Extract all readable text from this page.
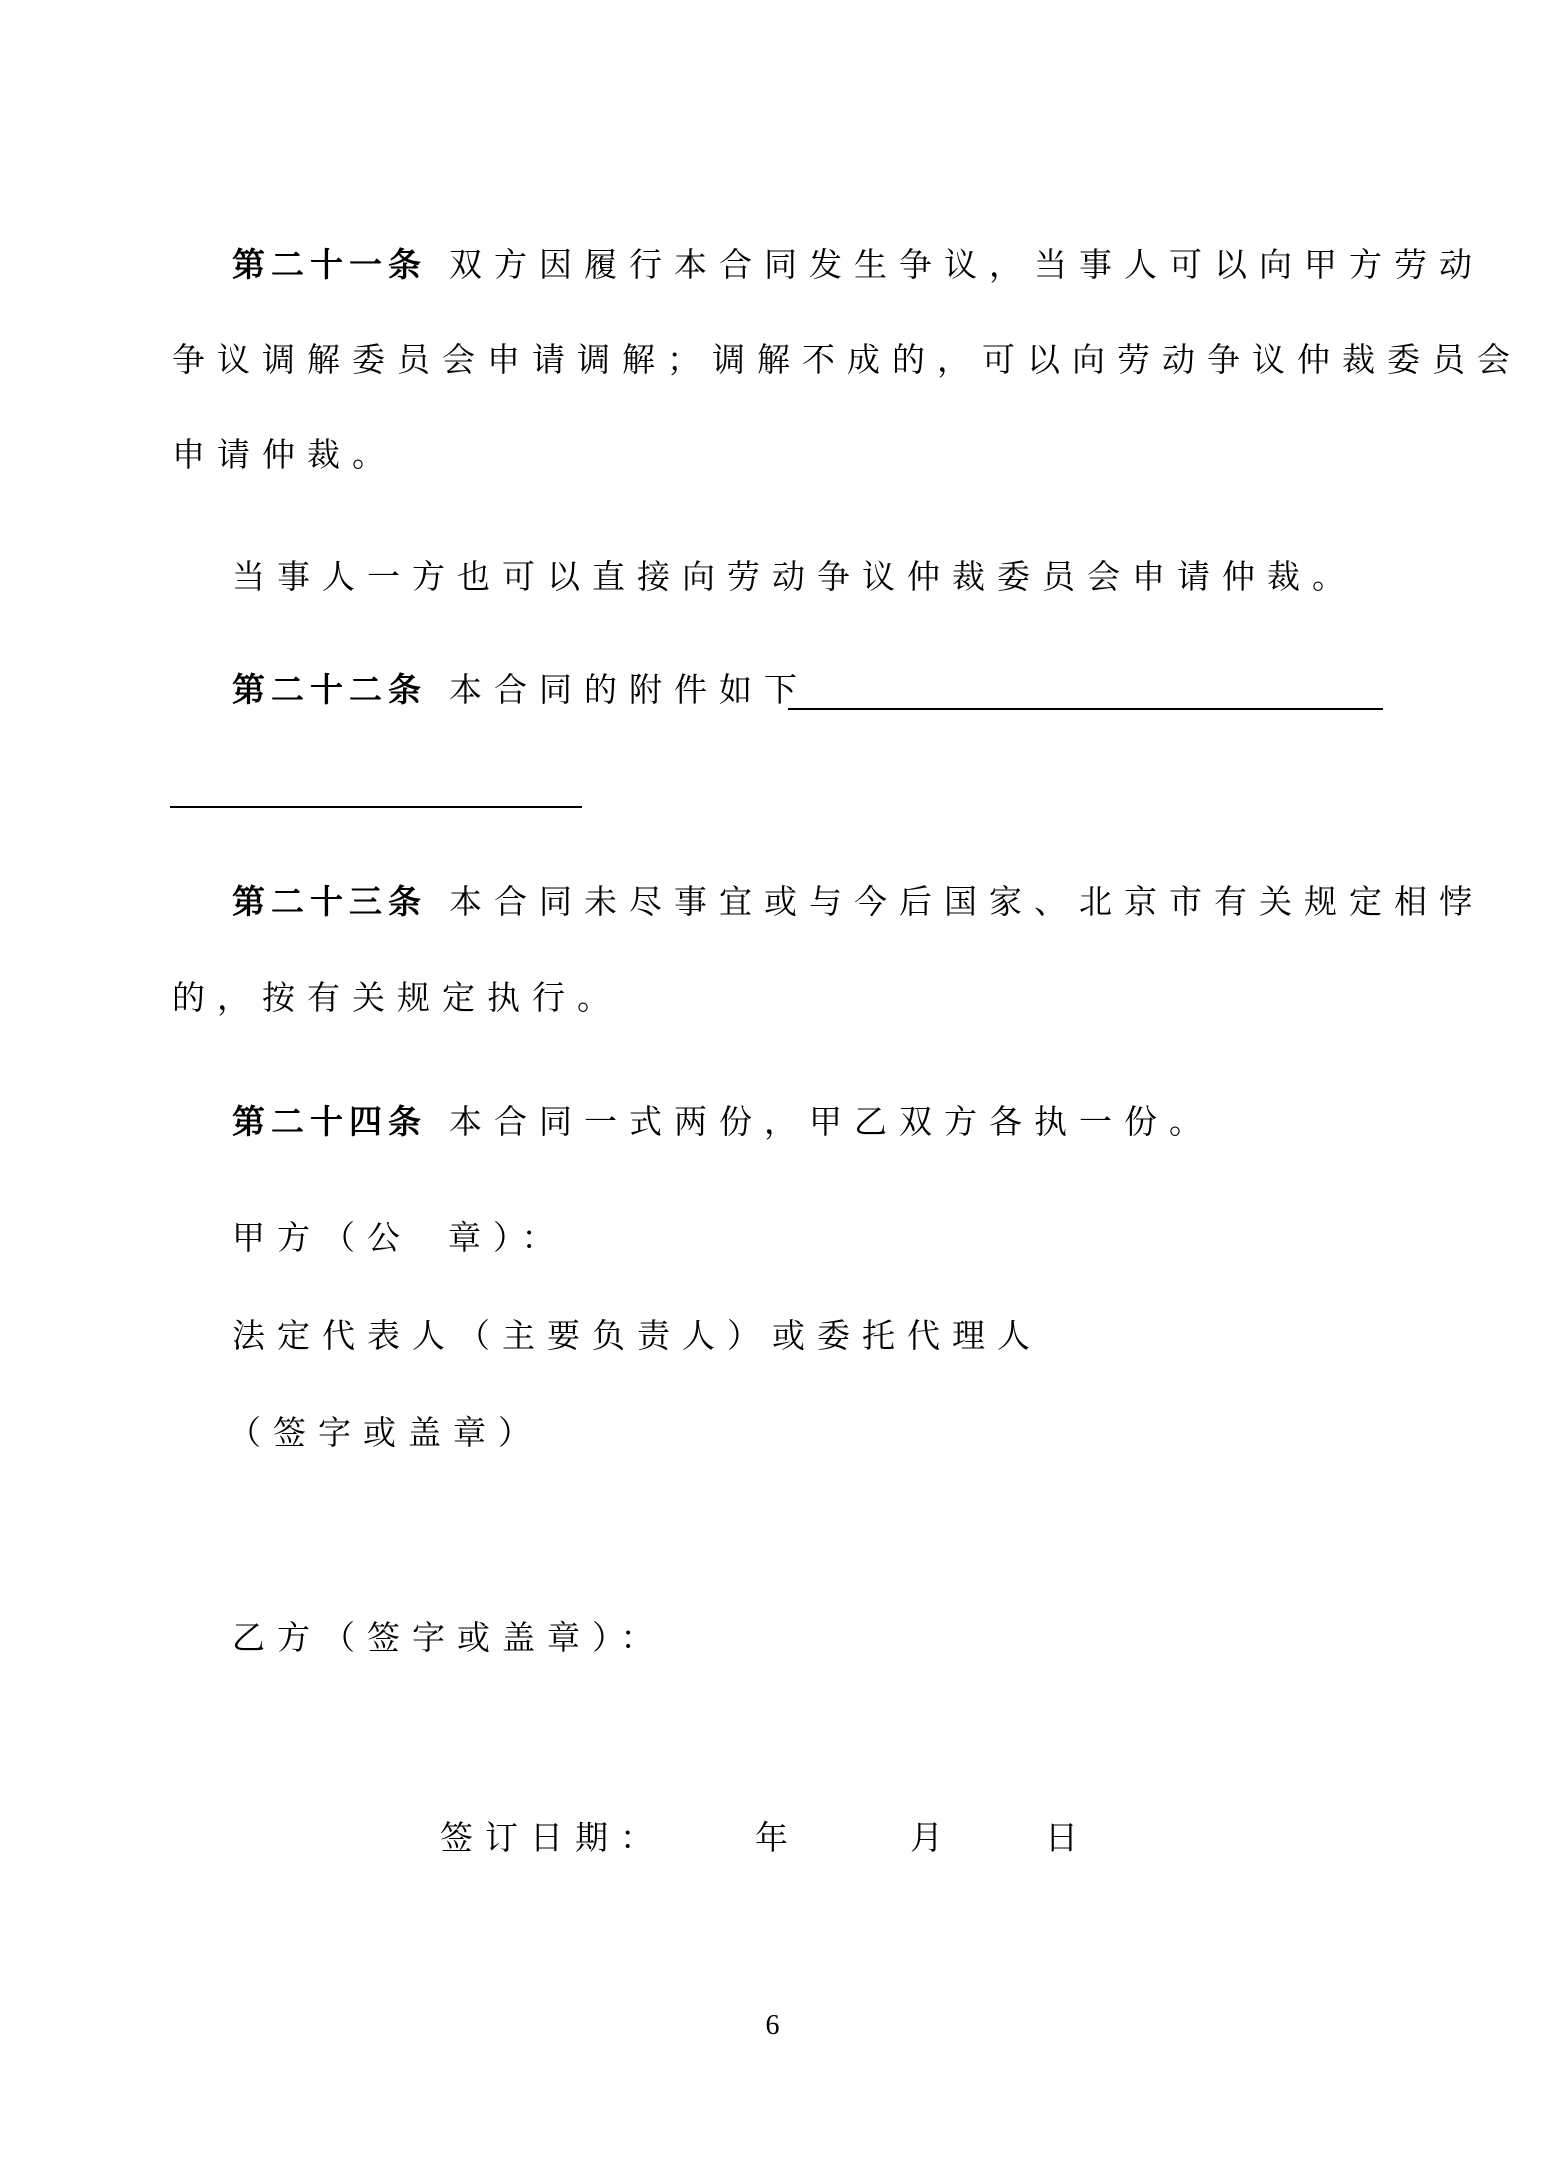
第二十一条 双方因履行本合同发生争议，当事人可以向甲方劳动
争议调解委员会申请调解；调解不成的，可以向劳动争议仲裁委员会
申请仲裁。
当事人一方也可以直接向劳动争议仲裁委员会申请仲裁。
第二十二条 本合同的附件如下
第二十三条 本合同未尽事宜或与今后国家、北京市有关规定相悖
的，按有关规定执行。
第二十四条 本合同一式两份，甲乙双方各执一份。
甲方（公 章）：
法定代表人（主要负责人）或委托代理人
（签字或盖章）
乙方（签字或盖章）：
签订日期：	年	月	日
6
